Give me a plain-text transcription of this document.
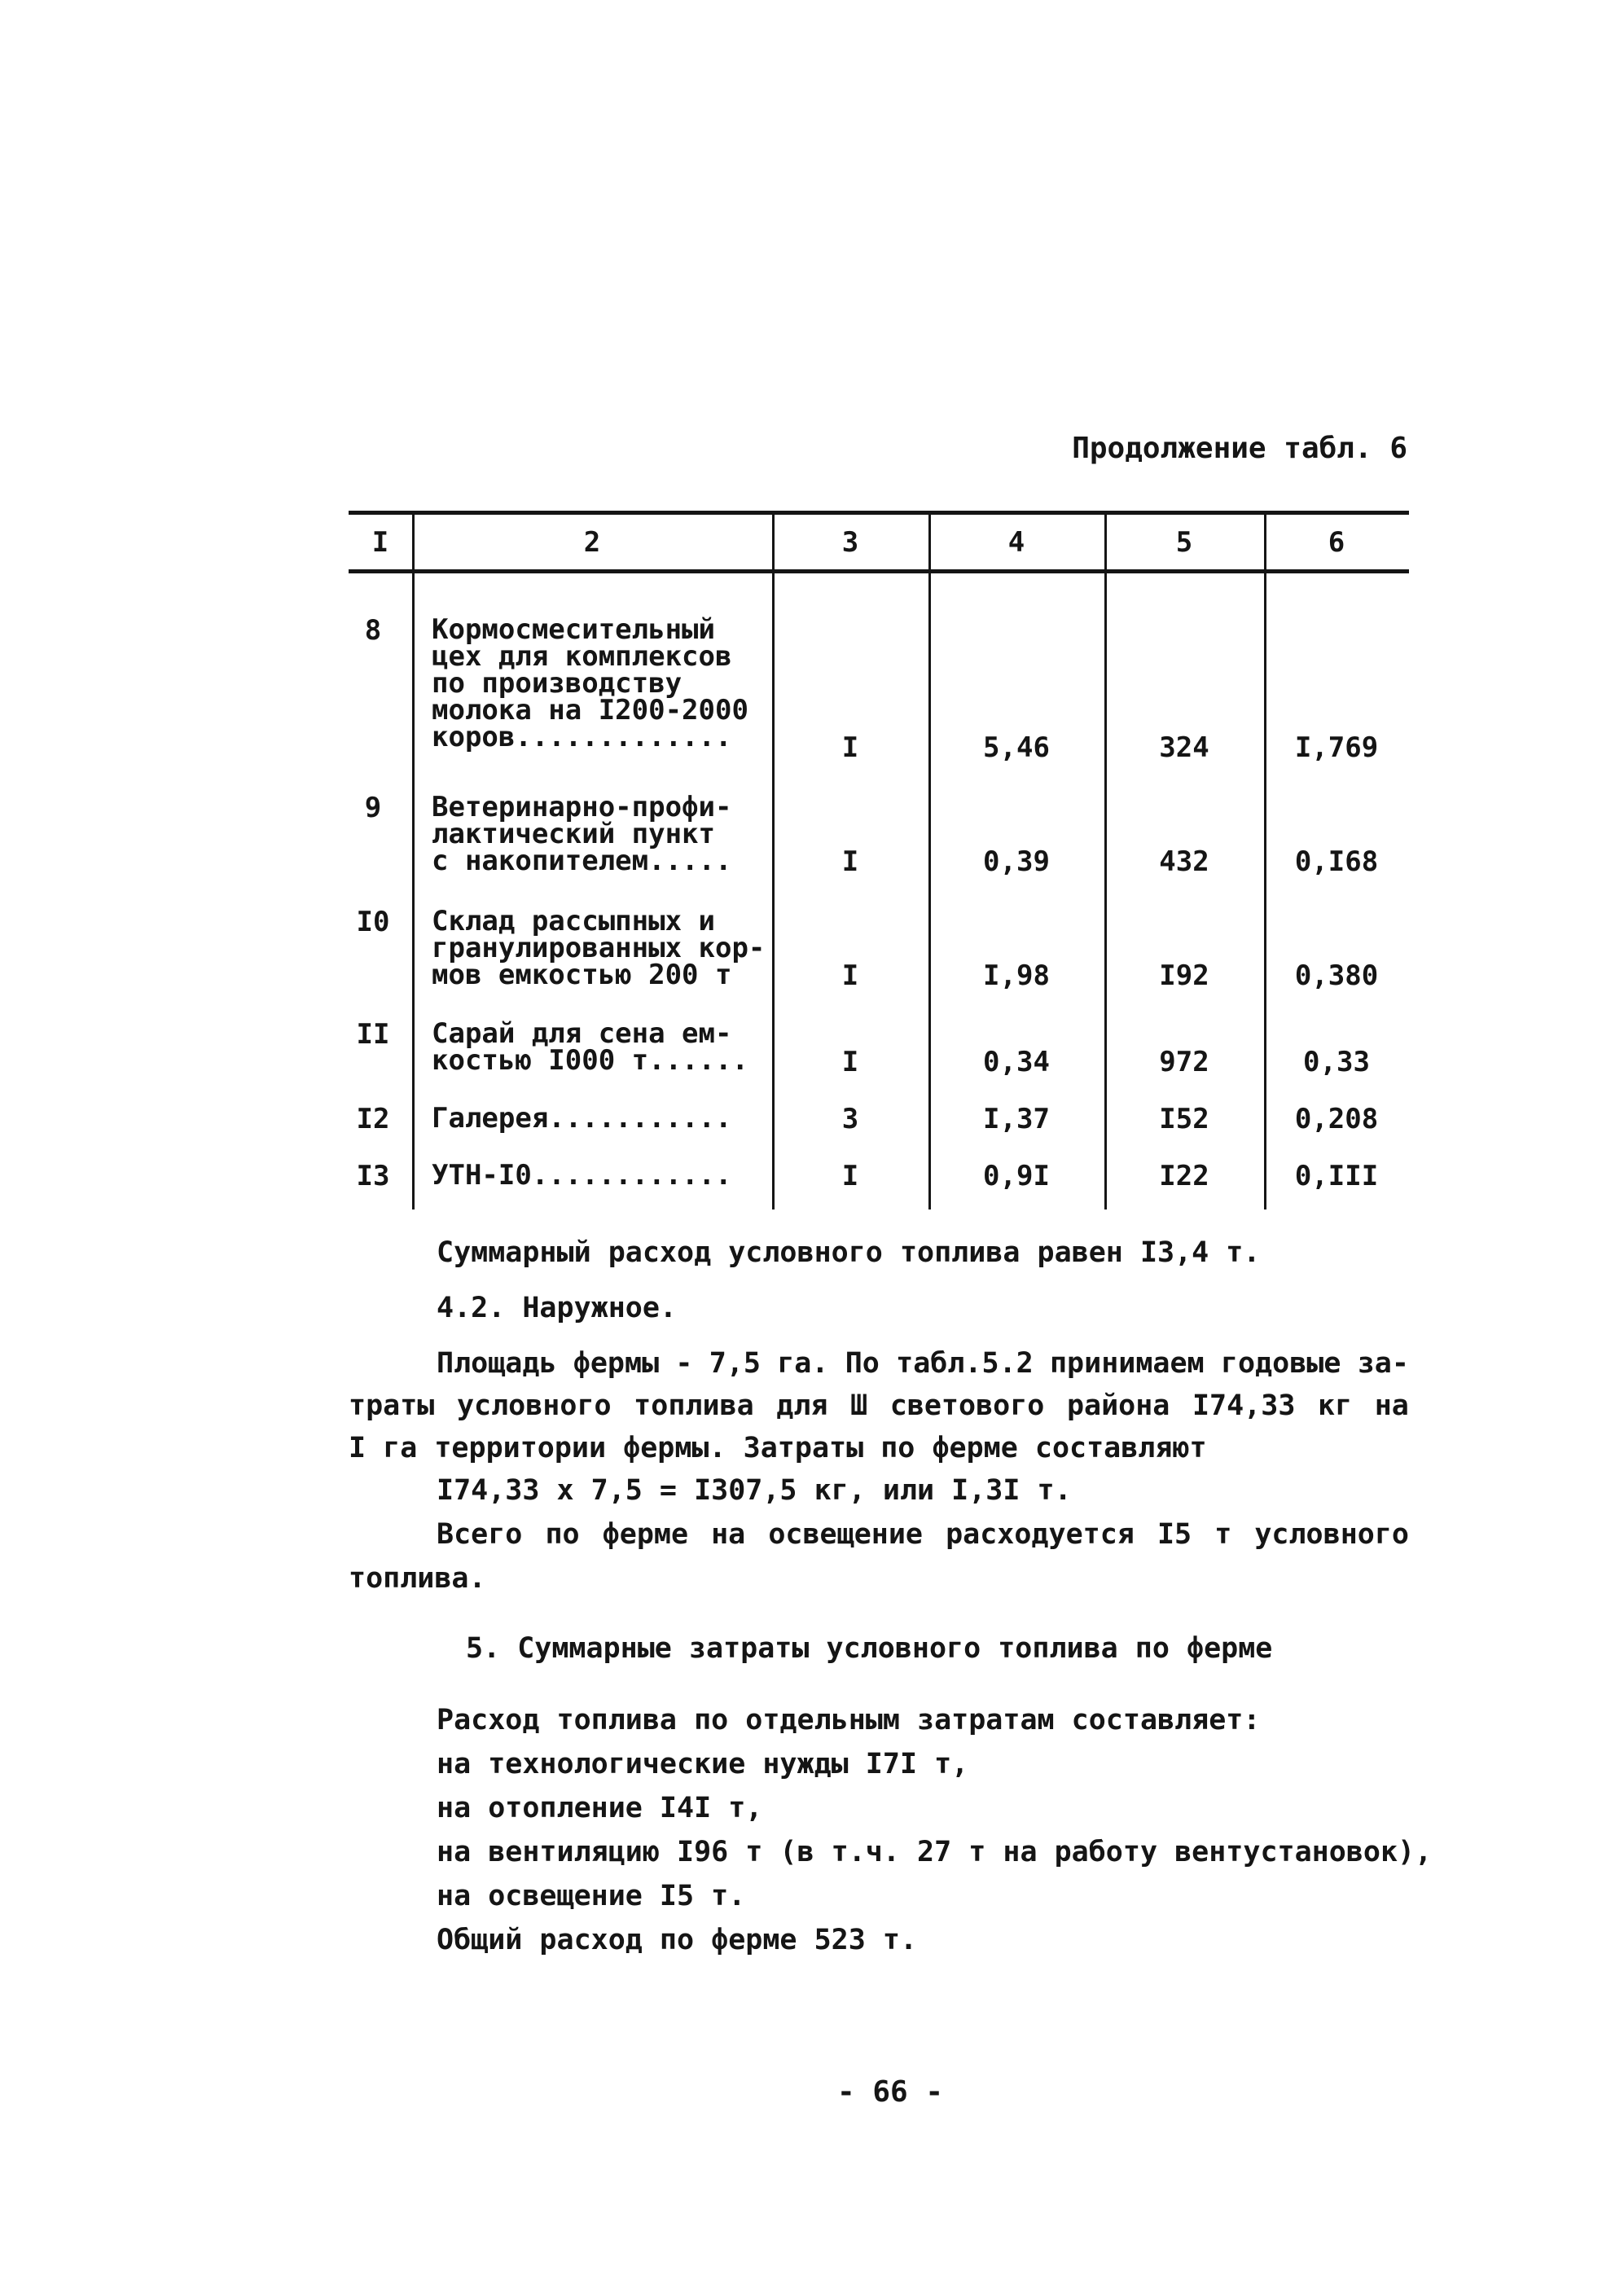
Продолжение табл. 6
I	2	3	4	5	6
8	Кормосмесительный
цех для комплексов
по производству
молока на I200-2000
коров.............	I	5,46	324	I,769
9	Ветеринарно-профи-
лактический пункт
с накопителем.....	I	0,39	432	0,I68
I0 Склад рассыпных и
гранулированных кор-
мов емкостью 200 т	I	I,98	I92	0,380
II Сарай для сена ем-
костью I000 т......	I	0,34	972	0,33
I2 Галерея...........	3	I,37	I52	0,208
I3 УТН-I0............	I	0,9I	I22	0,III
Суммарный расход условного топлива равен I3,4 т.
4.2. Наружное.
Площадь фермы - 7,5 га. По табл.5.2 принимаем годовые за-
траты условного топлива для Ш светового района I74,33 кг на
I га территории фермы. Затраты по ферме составляют
I74,33 х 7,5 = I307,5 кг, или I,3I т.
Всего по ферме на освещение расходуется I5 т условного
топлива.
5. Суммарные затраты условного топлива по ферме
Расход топлива по отдельным затратам составляет:
на технологические нужды I7I т,
на отопление I4I т,
на вентиляцию I96 т (в т.ч. 27 т на работу вентустановок),
на освещение I5 т.
Общий расход по ферме 523 т.
- 66 -
